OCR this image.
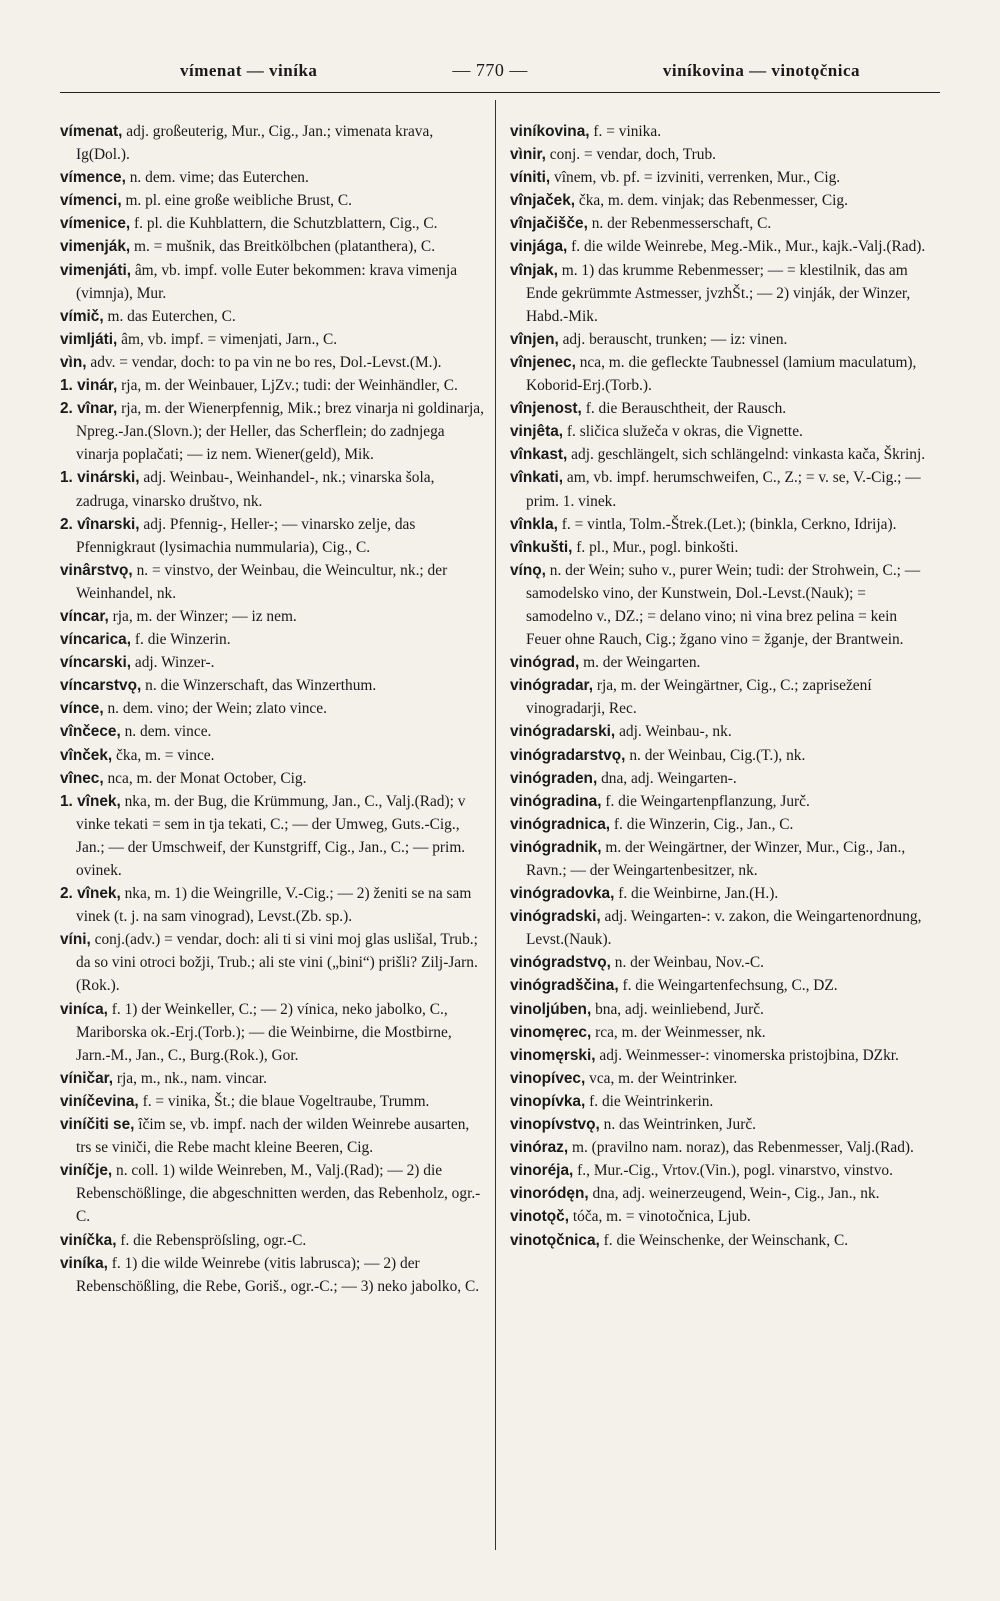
vímenat — viníka	— 770 —	viníkovina — vinotǫčnica

vímenat, adj. großeuterig, Mur., Cig., Jan.; vimenata krava, Ig(Dol.).

vímence, n. dem. vime; das Euterchen.

vímenci, m. pl. eine große weibliche Brust, C.

vímenice, f. pl. die Kuhblattern, die Schutzblattern, Cig., C.

vimenják, m. = mušnik, das Breitkölbchen (platanthera), C.

vimenjáti, âm, vb. impf. volle Euter bekommen: krava vimenja (vimnja), Mur.

vímič, m. das Euterchen, C.

vimljáti, âm, vb. impf. = vimenjati, Jarn., C.

vìn, adv. = vendar, doch: to pa vin ne bo res, Dol.-Levst.(M.).

1. vinár, rja, m. der Weinbauer, LjZv.; tudi: der Weinhändler, C.

2. vînar, rja, m. der Wienerpfennig, Mik.; brez vinarja ni goldinarja, Npreg.-Jan.(Slovn.); der Heller, das Scherflein; do zadnjega vinarja poplačati; — iz nem. Wiener(geld), Mik.

1. vinárski, adj. Weinbau-, Weinhandel-, nk.; vinarska šola, zadruga, vinarsko društvo, nk.

2. vînarski, adj. Pfennig-, Heller-; — vinarsko zelje, das Pfennigkraut (lysimachia nummularia), Cig., C.

vinârstvǫ, n. = vinstvo, der Weinbau, die Weincultur, nk.; der Weinhandel, nk.

víncar, rja, m. der Winzer; — iz nem.

víncarica, f. die Winzerin.

víncarski, adj. Winzer-.

víncarstvǫ, n. die Winzerschaft, das Winzerthum.

vínce, n. dem. vino; der Wein; zlato vince.

vînčece, n. dem. vince.

vînček, čka, m. = vince.

vînec, nca, m. der Monat October, Cig.

1. vînek, nka, m. der Bug, die Krümmung, Jan., C., Valj.(Rad); v vinke tekati = sem in tja tekati, C.; — der Umweg, Guts.-Cig., Jan.; — der Umschweif, der Kunstgriff, Cig., Jan., C.; — prim. ovinek.

2. vînek, nka, m. 1) die Weingrille, V.-Cig.; — 2) ženiti se na sam vinek (t. j. na sam vinograd), Levst.(Zb. sp.).

víni, conj.(adv.) = vendar, doch: ali ti si vini moj glas uslišal, Trub.; da so vini otroci božji, Trub.; ali ste vini („bini“) prišli? Zilj-Jarn.(Rok.).

viníca, f. 1) der Weinkeller, C.; — 2) vínica, neko jabolko, C., Mariborska ok.-Erj.(Torb.); — die Weinbirne, die Mostbirne, Jarn.-M., Jan., C., Burg.(Rok.), Gor.

víničar, rja, m., nk., nam. vincar.

viníčevina, f. = vinika, Št.; die blaue Vogeltraube, Trumm.

viníčiti se, îčim se, vb. impf. nach der wilden Weinrebe ausarten, trs se viniči, die Rebe macht kleine Beeren, Cig.

viníčje, n. coll. 1) wilde Weinreben, M., Valj.(Rad); — 2) die Rebenschößlinge, die abgeschnitten werden, das Rebenholz, ogr.-C.

viníčka, f. die Rebenspröſsling, ogr.-C.

viníka, f. 1) die wilde Weinrebe (vitis labrusca); — 2) der Rebenschößling, die Rebe, Goriš., ogr.-C.; — 3) neko jabolko, C.

viníkovina, f. = vinika.

vìnir, conj. = vendar, doch, Trub.

víniti, vînem, vb. pf. = izviniti, verrenken, Mur., Cig.

vînjaček, čka, m. dem. vinjak; das Rebenmesser, Cig.

vînjačišče, n. der Rebenmesserschaft, C.

vinjága, f. die wilde Weinrebe, Meg.-Mik., Mur., kajk.-Valj.(Rad).

vînjak, m. 1) das krumme Rebenmesser; — = klestilnik, das am Ende gekrümmte Astmesser, jvzhŠt.; — 2) vinják, der Winzer, Habd.-Mik.

vînjen, adj. berauscht, trunken; — iz: vinen.

vînjenec, nca, m. die gefleckte Taubnessel (lamium maculatum), Koborid-Erj.(Torb.).

vînjenost, f. die Berauschtheit, der Rausch.

vinjêta, f. sličica služeča v okras, die Vignette.

vînkast, adj. geschlängelt, sich schlängelnd: vinkasta kača, Škrinj.

vînkati, am, vb. impf. herumschweifen, C., Z.; = v. se, V.-Cig.; — prim. 1. vinek.

vînkla, f. = vintla, Tolm.-Štrek.(Let.); (binkla, Cerkno, Idrija).

vînkušti, f. pl., Mur., pogl. binkošti.

vínǫ, n. der Wein; suho v., purer Wein; tudi: der Strohwein, C.; — samodelsko vino, der Kunstwein, Dol.-Levst.(Nauk); = samodelno v., DZ.; = delano vino; ni vina brez pelina = kein Feuer ohne Rauch, Cig.; žgano vino = žganje, der Brantwein.

vinógrad, m. der Weingarten.

vinógradar, rja, m. der Weingärtner, Cig., C.; zaprisežení vinogradarji, Rec.

vinógradarski, adj. Weinbau-, nk.

vinógradarstvǫ, n. der Weinbau, Cig.(T.), nk.

vinógraden, dna, adj. Weingarten-.

vinógradina, f. die Weingartenpflanzung, Jurč.

vinógradnica, f. die Winzerin, Cig., Jan., C.

vinógradnik, m. der Weingärtner, der Winzer, Mur., Cig., Jan., Ravn.; — der Weingartenbesitzer, nk.

vinógradovka, f. die Weinbirne, Jan.(H.).

vinógradski, adj. Weingarten-: v. zakon, die Weingartenordnung, Levst.(Nauk).

vinógradstvǫ, n. der Weinbau, Nov.-C.

vinógradščina, f. die Weingartenfechsung, C., DZ.

vinoljúben, bna, adj. weinliebend, Jurč.

vinomęrec, rca, m. der Weinmesser, nk.

vinomęrski, adj. Weinmesser-: vinomerska pristojbina, DZkr.

vinopívec, vca, m. der Weintrinker.

vinopívka, f. die Weintrinkerin.

vinopívstvǫ, n. das Weintrinken, Jurč.

vinóraz, m. (pravilno nam. noraz), das Rebenmesser, Valj.(Rad).

vinoréja, f., Mur.-Cig., Vrtov.(Vin.), pogl. vinarstvo, vinstvo.

vinoródęn, dna, adj. weinerzeugend, Wein-, Cig., Jan., nk.

vinotǫč, tóča, m. = vinotočnica, Ljub.

vinotǫčnica, f. die Weinschenke, der Weinschank, C.
